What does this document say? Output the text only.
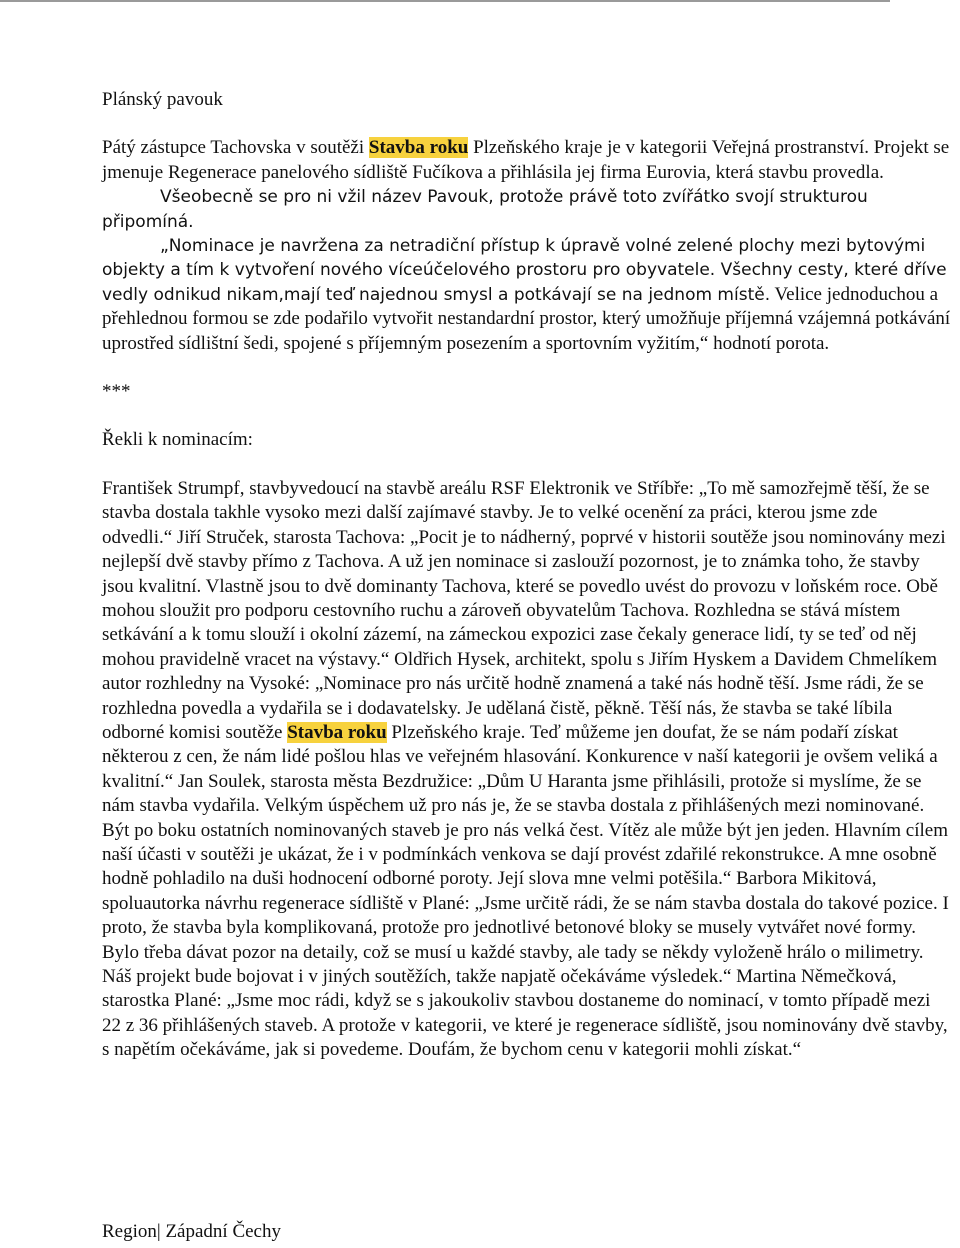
Plánský pavouk

Pátý zástupce Tachovska v soutěži Stavba roku Plzeňského kraje je v kategorii Veřejná prostranství. Projekt se jmenuje Regenerace panelového sídliště Fučíkova a přihlásila jej firma Eurovia, která stavbu provedla.

Všeobecně se pro ni vžil název Pavouk, protože právě toto zvířátko svojí strukturou připomíná.

„Nominace je navržena za netradiční přístup k úpravě volné zelené plochy mezi bytovými objekty a tím k vytvoření nového víceúčelového prostoru pro obyvatele. Všechny cesty, které dříve vedly odnikud nikam,mají teď najednou smysl a potkávají se na jednom místě. Velice jednoduchou a přehlednou formou se zde podařilo vytvořit nestandardní prostor, který umožňuje příjemná vzájemná potkávání uprostřed sídlištní šedi, spojené s příjemným posezením a sportovním vyžitím,“ hodnotí porota.

***

Řekli k nominacím:

František Strumpf, stavbyvedoucí na stavbě areálu RSF Elektronik ve Stříbře: „To mě samozřejmě těší, že se stavba dostala takhle vysoko mezi další zajímavé stavby. Je to velké ocenění za práci, kterou jsme zde odvedli.“ Jiří Struček, starosta Tachova: „Pocit je to nádherný, poprvé v historii soutěže jsou nominovány mezi nejlepší dvě stavby přímo z Tachova. A už jen nominace si zaslouží pozornost, je to známka toho, že stavby jsou kvalitní. Vlastně jsou to dvě dominanty Tachova, které se povedlo uvést do provozu v loňském roce. Obě mohou sloužit pro podporu cestovního ruchu a zároveň obyvatelům Tachova. Rozhledna se stává místem setkávání a k tomu slouží i okolní zázemí, na zámeckou expozici zase čekaly generace lidí, ty se teď od něj mohou pravidelně vracet na výstavy.“ Oldřich Hysek, architekt, spolu s Jiřím Hyskem a Davidem Chmelíkem autor rozhledny na Vysoké: „Nominace pro nás určitě hodně znamená a také nás hodně těší. Jsme rádi, že se rozhledna povedla a vydařila se i dodavatelsky. Je udělaná čistě, pěkně. Těší nás, že stavba se také líbila odborné komisi soutěže Stavba roku Plzeňského kraje. Teď můžeme jen doufat, že se nám podaří získat některou z cen, že nám lidé pošlou hlas ve veřejném hlasování. Konkurence v naší kategorii je ovšem veliká a kvalitní.“ Jan Soulek, starosta města Bezdružice: „Dům U Haranta jsme přihlásili, protože si myslíme, že se nám stavba vydařila. Velkým úspěchem už pro nás je, že se stavba dostala z přihlášených mezi nominované. Být po boku ostatních nominovaných staveb je pro nás velká čest. Vítěz ale může být jen jeden. Hlavním cílem naší účasti v soutěži je ukázat, že i v podmínkách venkova se dají provést zdařilé rekonstrukce. A mne osobně hodně pohladilo na duši hodnocení odborné poroty. Její slova mne velmi potěšila.“ Barbora Mikitová, spoluautorka návrhu regenerace sídliště v Plané: „Jsme určitě rádi, že se nám stavba dostala do takové pozice. I proto, že stavba byla komplikovaná, protože pro jednotlivé betonové bloky se musely vytvářet nové formy. Bylo třeba dávat pozor na detaily, což se musí u každé stavby, ale tady se někdy vyloženě hrálo o milimetry. Náš projekt bude bojovat i v jiných soutěžích, takže napjatě očekáváme výsledek.“ Martina Němečková, starostka Plané: „Jsme moc rádi, když se s jakoukoliv stavbou dostaneme do nominací, v tomto případě mezi 22 z 36 přihlášených staveb. A protože v kategorii, ve které je regenerace sídliště, jsou nominovány dvě stavby, s napětím očekáváme, jak si povedeme. Doufám, že bychom cenu v kategorii mohli získat.“

Region| Západní Čechy
